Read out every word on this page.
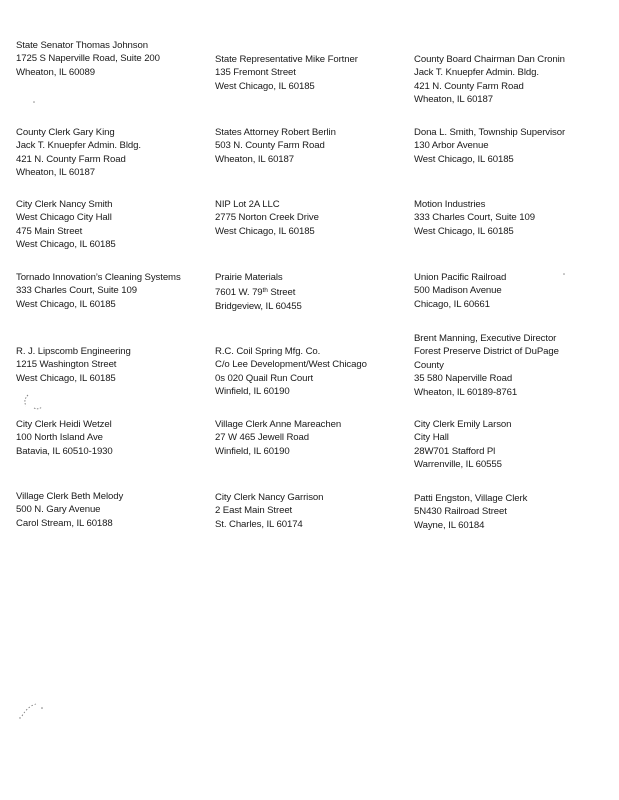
State Senator Thomas Johnson
1725 S Naperville Road, Suite 200
Wheaton, IL 60089
State Representative Mike Fortner
135 Fremont Street
West Chicago, IL 60185
County Board Chairman Dan Cronin
Jack T. Knuepfer Admin. Bldg.
421 N. County Farm Road
Wheaton, IL 60187
County Clerk Gary King
Jack T. Knuepfer Admin. Bldg.
421 N. County Farm Road
Wheaton, IL 60187
States Attorney Robert Berlin
503 N. County Farm Road
Wheaton, IL 60187
Dona L. Smith, Township Supervisor
130 Arbor Avenue
West Chicago, IL 60185
City Clerk Nancy Smith
West Chicago City Hall
475 Main Street
West Chicago, IL 60185
NIP Lot 2A LLC
2775 Norton Creek Drive
West Chicago, IL 60185
Motion Industries
333 Charles Court, Suite 109
West Chicago, IL 60185
Tornado Innovation’s Cleaning Systems
333 Charles Court, Suite 109
West Chicago, IL 60185
Prairie Materials
7601 W. 79th Street
Bridgeview, IL 60455
Union Pacific Railroad
500 Madison Avenue
Chicago, IL 60661
R. J. Lipscomb Engineering
1215 Washington Street
West Chicago, IL 60185
R.C. Coil Spring Mfg. Co.
C/o Lee Development/West Chicago
0s 020 Quail Run Court
Winfield, IL 60190
Brent Manning, Executive Director
Forest Preserve District of DuPage
County
35 580 Naperville Road
Wheaton, IL 60189-8761
City Clerk Heidi Wetzel
100 North Island Ave
Batavia, IL 60510-1930
Village Clerk Anne Mareachen
27 W 465 Jewell Road
Winfield, IL 60190
City Clerk Emily Larson
City Hall
28W701 Stafford Pl
Warrenville, IL 60555
Village Clerk Beth Melody
500 N. Gary Avenue
Carol Stream, IL 60188
City Clerk Nancy Garrison
2 East Main Street
St. Charles, IL 60174
Patti Engston, Village Clerk
5N430 Railroad Street
Wayne, IL 60184
